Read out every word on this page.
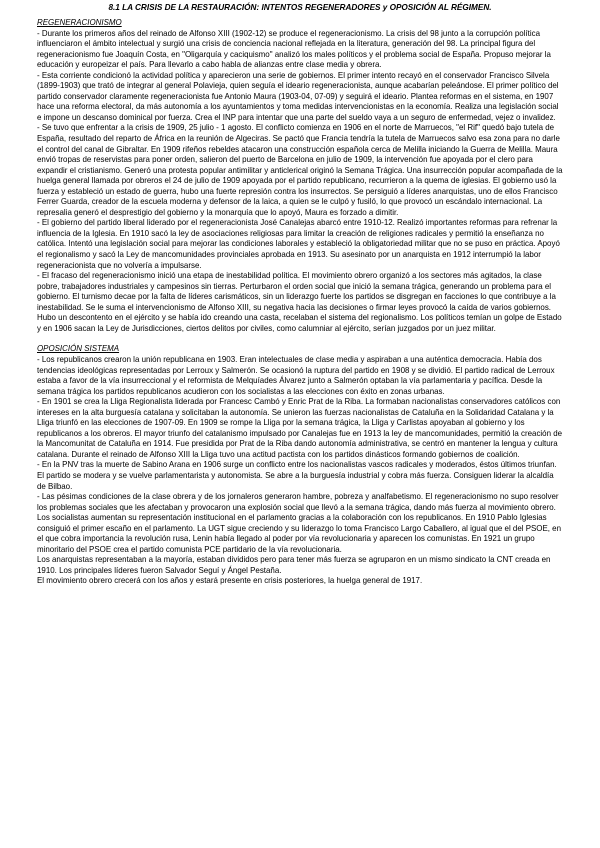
8.1 LA CRISIS DE LA RESTAURACIÓN: INTENTOS REGENERADORES y OPOSICIÓN AL RÉGIMEN.
REGENERACIONISMO
- Durante los primeros años del reinado de Alfonso XIII (1902-12) se produce el regeneracionismo. La crisis del 98 junto a la corrupción política influenciaron el ámbito intelectual y surgió una crisis de conciencia nacional reflejada en la literatura, generación del 98. La principal figura del regeneracionismo fue Joaquín Costa, en "Oligarquía y caciquismo" analizó los males políticos y el problema social de España. Propuso mejorar la educación y europeizar el país. Para llevarlo a cabo habla de alianzas entre clase media y obrera.
- Esta corriente condicionó la actividad política y aparecieron una serie de gobiernos. El primer intento recayó en el conservador Francisco Silvela (1899-1903) que trató de integrar al general Polavieja, quien seguía el ideario regeneracionista, aunque acabarían peleándose. El primer político del partido conservador claramente regeneracionista fue Antonio Maura (1903-04, 07-09) y seguirá el ideario. Plantea reformas en el sistema, en 1907 hace una reforma electoral, da más autonomía a los ayuntamientos y toma medidas intervencionistas en la economía. Realiza una legislación social e impone un descanso dominical por fuerza. Crea el INP para intentar que una parte del sueldo vaya a un seguro de enfermedad, vejez o invalidez.
- Se tuvo que enfrentar a la crisis de 1909, 25 julio - 1 agosto. El conflicto comienza en 1906 en el norte de Marruecos, "el Rif" quedó bajo tutela de España, resultado del reparto de África en la reunión de Algeciras. Se pactó que Francia tendría la tutela de Marruecos salvo esa zona para no darle el control del canal de Gibraltar. En 1909 rifeños rebeldes atacaron una construcción española cerca de Melilla iniciando la Guerra de Melilla. Maura envió tropas de reservistas para poner orden, salieron del puerto de Barcelona en julio de 1909, la intervención fue apoyada por el clero para expandir el cristianismo. Generó una protesta popular antimilitar y anticlerical originó la Semana Trágica. Una insurrección popular acompañada de la huelga general llamada por obreros el 24 de julio de 1909 apoyada por el partido republicano, recurrieron a la quema de iglesias. El gobierno usó la fuerza y estableció un estado de guerra, hubo una fuerte represión contra los insurrectos. Se persiguió a líderes anarquistas, uno de ellos Francisco Ferrer Guarda, creador de la escuela moderna y defensor de la laica, a quien se le culpó y fusiló, lo que provocó un escándalo internacional. La represalia generó el desprestigio del gobierno y la monarquía que lo apoyó, Maura es forzado a dimitir.
- El gobierno del partido liberal liderado por el regeneracionista José Canalejas abarcó entre 1910-12. Realizó importantes reformas para refrenar la influencia de la Iglesia. En 1910 sacó la ley de asociaciones religiosas para limitar la creación de religiones radicales y permitió la enseñanza no católica. Intentó una legislación social para mejorar las condiciones laborales y estableció la obligatoriedad militar que no se puso en práctica. Apoyó el regionalismo y sacó la Ley de mancomunidades provinciales aprobada en 1913. Su asesinato por un anarquista en 1912 interrumpió la labor regeneracionista que no volvería a impulsarse.
- El fracaso del regeneracionismo inició una etapa de inestabilidad política. El movimiento obrero organizó a los sectores más agitados, la clase pobre, trabajadores industriales y campesinos sin tierras. Perturbaron el orden social que inició la semana trágica, generando un problema para el gobierno. El turnismo decae por la falta de líderes carismáticos, sin un liderazgo fuerte los partidos se disgregan en facciones lo que contribuye a la inestabilidad. Se le suma el intervencionismo de Alfonso XIII, su negativa hacia las decisiones o firmar leyes provocó la caída de varios gobiernos. Hubo un descontento en el ejército y se había ido creando una casta, recelaban el sistema del regionalismo. Los políticos temían un golpe de Estado y en 1906 sacan la Ley de Jurisdicciones, ciertos delitos por civiles, como calumniar al ejército, serían juzgados por un juez militar.
OPOSICIÓN SISTEMA
- Los republicanos crearon la unión republicana en 1903. Eran intelectuales de clase media y aspiraban a una auténtica democracia. Había dos tendencias ideológicas representadas por Lerroux y Salmerón. Se ocasionó la ruptura del partido en 1908 y se dividió. El partido radical de Lerroux estaba a favor de la vía insurreccional y el reformista de Melquíades Álvarez junto a Salmerón optaban la vía parlamentaria y pacífica. Desde la semana trágica los partidos republicanos acudieron con los socialistas a las elecciones con éxito en zonas urbanas.
- En 1901 se crea la Lliga Regionalista liderada por Francesc Cambó y Enric Prat de la Riba. La formaban nacionalistas conservadores católicos con intereses en la alta burguesía catalana y solicitaban la autonomía. Se unieron las fuerzas nacionalistas de Cataluña en la Solidaridad Catalana y la Lliga triunfó en las elecciones de 1907-09. En 1909 se rompe la Lliga por la semana trágica, la Lliga y Carlistas apoyaban al gobierno y los republicanos a los obreros. El mayor triunfo del catalanismo impulsado por Canalejas fue en 1913 la ley de mancomunidades, permitió la creación de la Mancomunitat de Cataluña en 1914. Fue presidida por Prat de la Riba dando autonomía administrativa, se centró en mantener la lengua y cultura catalana. Durante el reinado de Alfonso XIII la Lliga tuvo una actitud pactista con los partidos dinásticos formando gobiernos de coalición.
- En la PNV tras la muerte de Sabino Arana en 1906 surge un conflicto entre los nacionalistas vascos radicales y moderados, éstos últimos triunfan. El partido se modera y se vuelve parlamentarista y autonomista. Se abre a la burguesía industrial y cobra más fuerza. Consiguen liderar la alcaldía de Bilbao.
- Las pésimas condiciones de la clase obrera y de los jornaleros generaron hambre, pobreza y analfabetismo. El regeneracionismo no supo resolver los problemas sociales que les afectaban y provocaron una explosión social que llevó a la semana trágica, dando más fuerza al movimiento obrero.
Los socialistas aumentan su representación institucional en el parlamento gracias a la colaboración con los republicanos. En 1910 Pablo Iglesias consiguió el primer escaño en el parlamento. La UGT sigue creciendo y su liderazgo lo toma Francisco Largo Caballero, al igual que el del PSOE, en el que cobra importancia la revolución rusa, Lenin había llegado al poder por vía revolucionaria y aparecen los comunistas. En 1921 un grupo minoritario del PSOE crea el partido comunista PCE partidario de la vía revolucionaria.
Los anarquistas representaban a la mayoría, estaban divididos pero para tener más fuerza se agruparon en un mismo sindicato la CNT creada en 1910. Los principales líderes fueron Salvador Seguí y Ángel Pestaña.
El movimiento obrero crecerá con los años y estará presente en crisis posteriores, la huelga general de 1917.
